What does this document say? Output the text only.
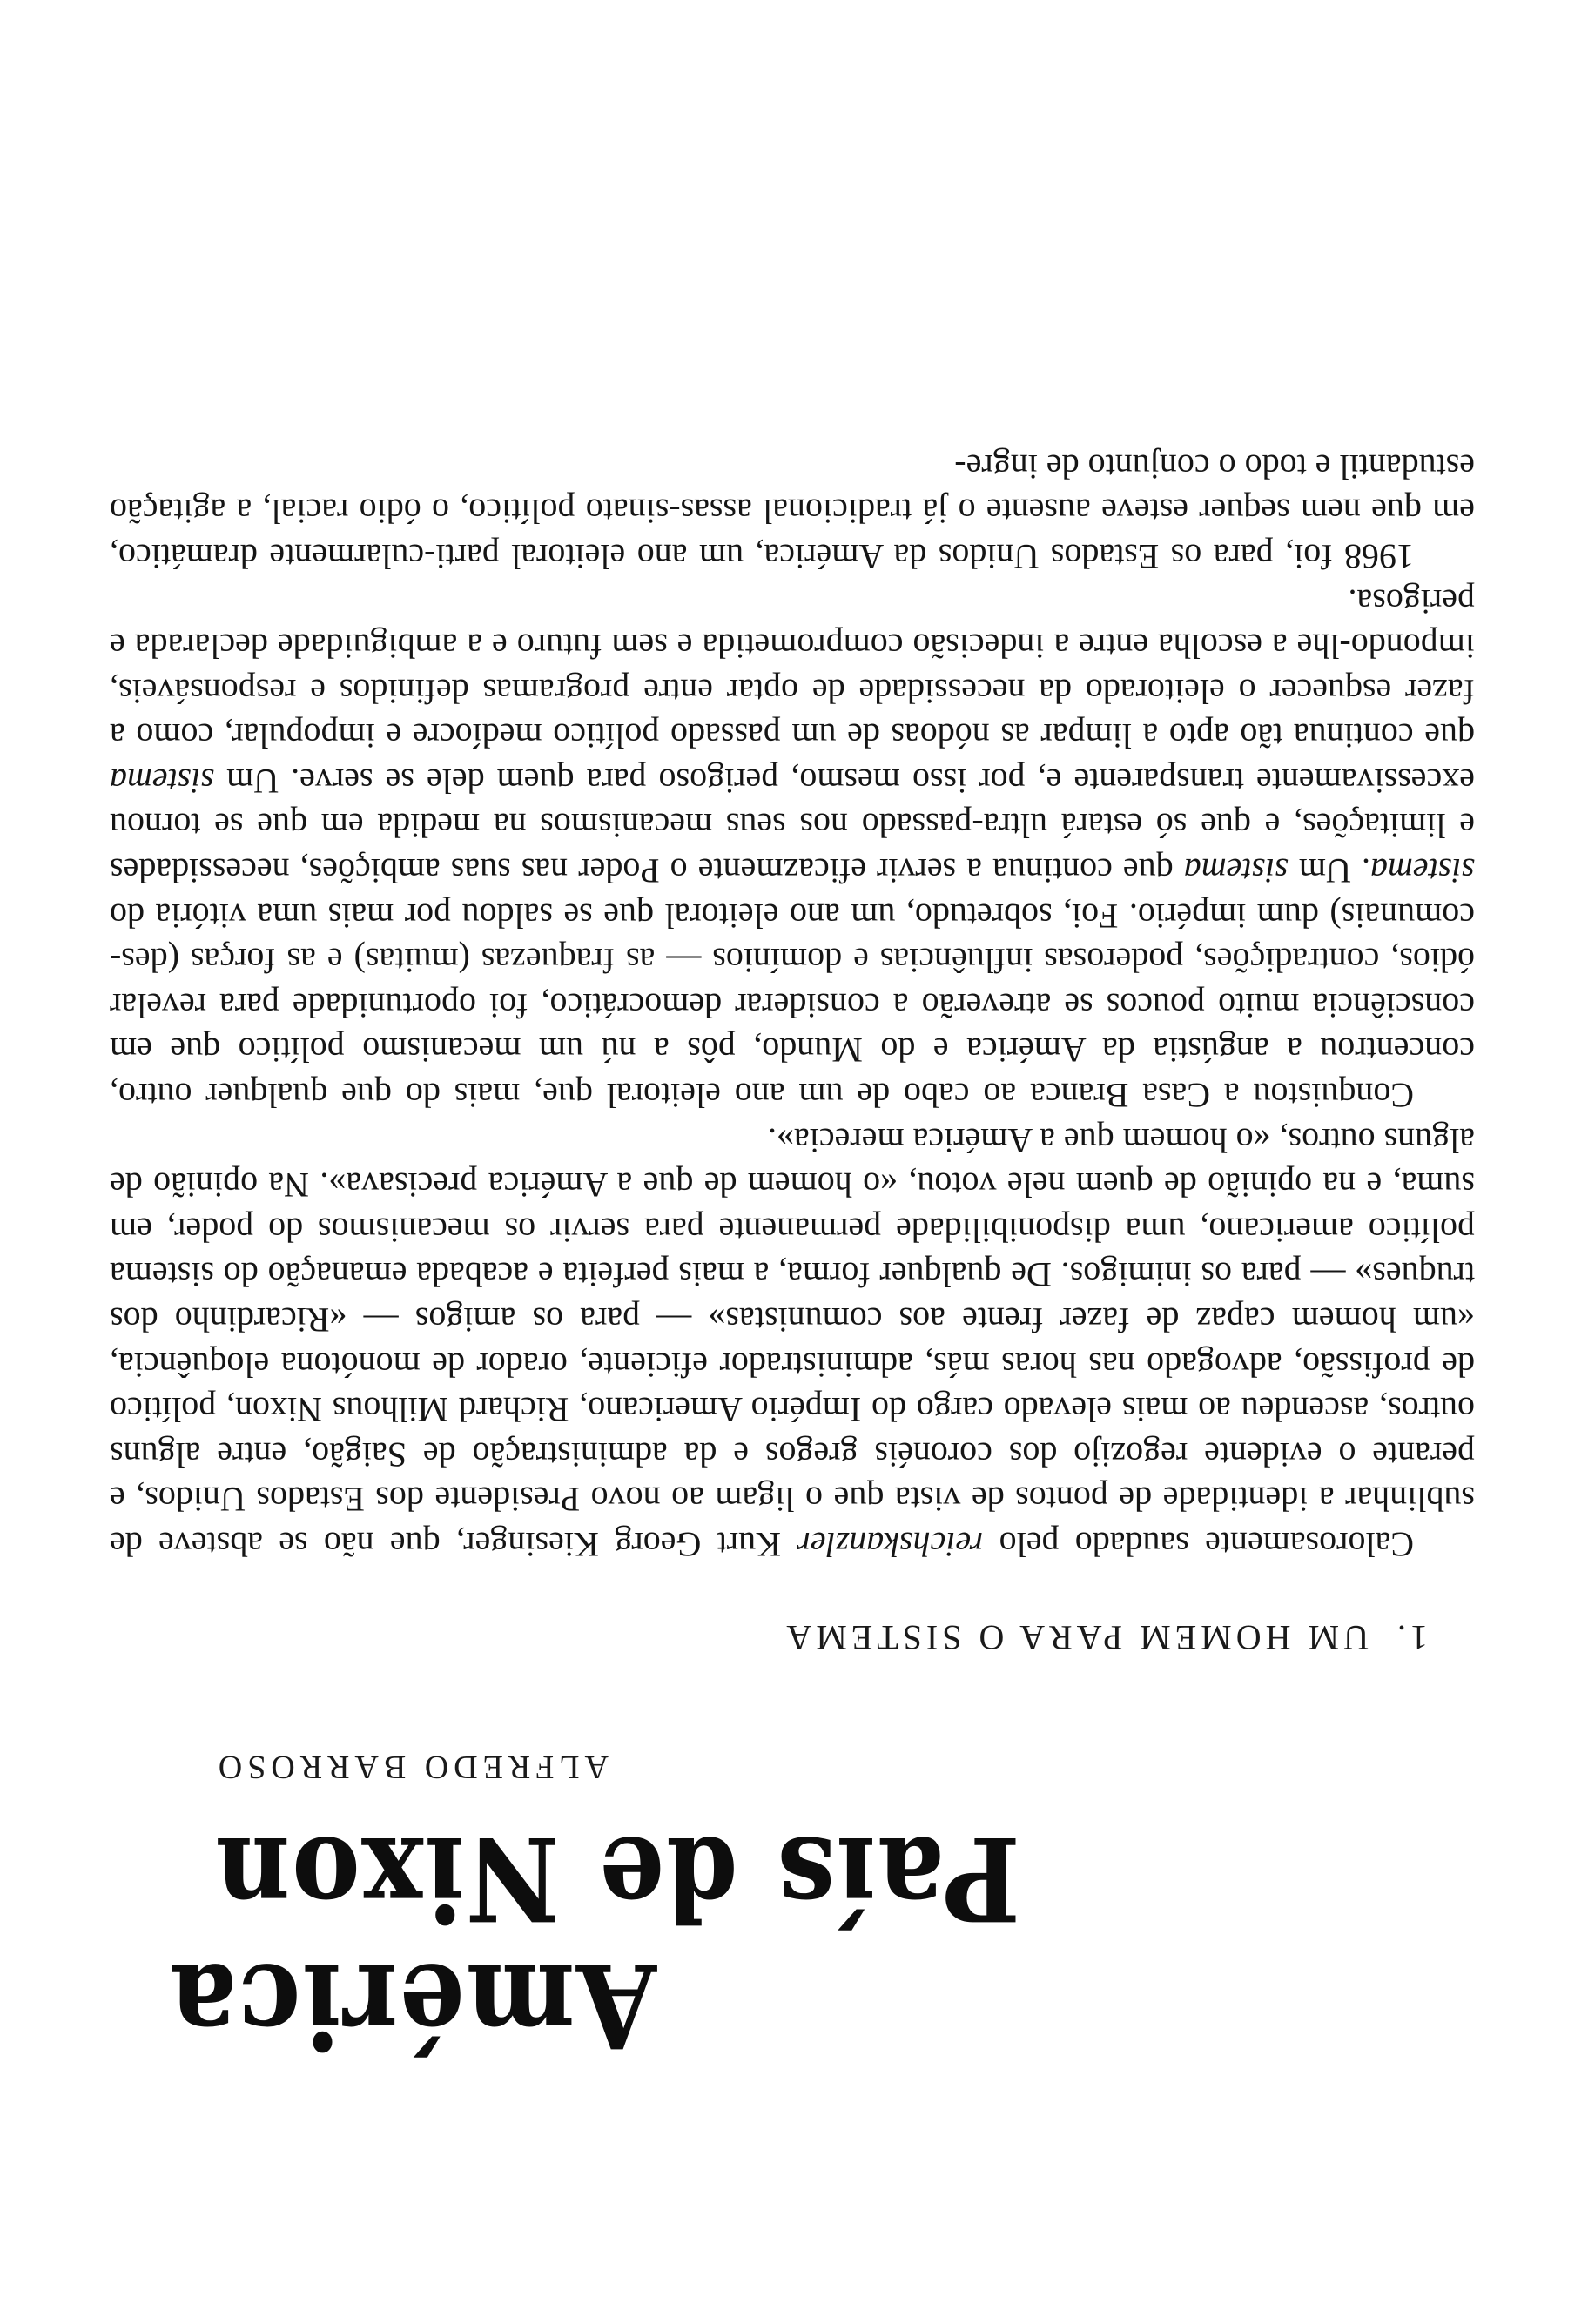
América
País de Nixon
ALFREDO BARROSO
1.UM HOMEM PARA O SISTEMA

Calorosamente saudado pelo reichskanzler Kurt Georg Kiesinger, que não se absteve de sublinhar a identidade de pontos de vista que o ligam ao novo Presidente dos Estados Unidos, e perante o evidente regozijo dos coronéis gregos e da administração de Saigão, entre alguns outros, ascendeu ao mais elevado cargo do Império Americano, Richard Milhous Nixon, político de profissão, advogado nas horas más, administrador eficiente, orador de monótona eloquência, «um homem capaz de fazer frente aos comunistas» — para os amigos — «Ricardinho dos truques» — para os inimigos. De qualquer forma, a mais perfeita e acabada emanação do sistema político americano, uma disponibilidade permanente para servir os mecanismos do poder, em suma, e na opinião de quem nele votou, «o homem de que a América precisava». Na opinião de alguns outros, «o homem que a América merecia».

Conquistou a Casa Branca ao cabo de um ano eleitoral que, mais do que qualquer outro, concentrou a angústia da América e do Mundo, pôs a nú um mecanismo político que em consciência muito poucos se atreverão a considerar democrático, foi oportunidade para revelar ódios, contradições, poderosas influências e domínios — as fraquezas (muitas) e as forças (des-comunais) dum império. Foi, sobretudo, um ano eleitoral que se saldou por mais uma vitória do sistema. Um sistema que continua a servir eficazmente o Poder nas suas ambições, necessidades e limitações, e que só estará ultra-passado nos seus mecanismos na medida em que se tornou excessivamente transparente e, por isso mesmo, perigoso para quem dele se serve. Um sistema que continua tão apto a limpar as nódoas de um passado político medíocre e impopular, como a fazer esquecer o eleitorado da necessidade de optar entre programas definidos e responsáveis, impondo-lhe a escolha entre a indecisão comprometida e sem futuro e a ambiguidade declarada e perigosa.

1968 foi, para os Estados Unidos da América, um ano eleitoral parti-cularmente dramático, em que nem sequer esteve ausente o já tradicional assas-sinato político, o ódio racial, a agitação estudantil e todo o conjunto de ingre-
